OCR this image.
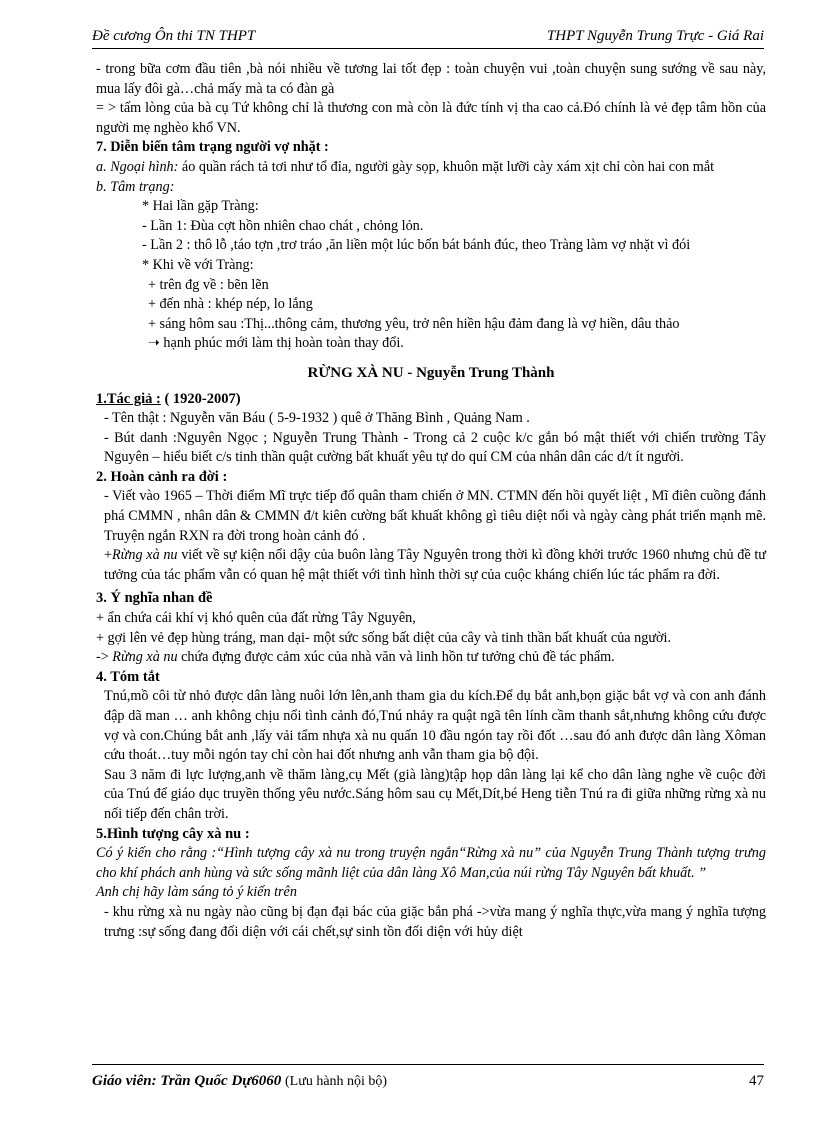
Đề cương Ôn thi TN THPT	THPT Nguyễn Trung Trực - Giá Rai

- trong bữa cơm đầu tiên ,bà nói nhiều về tương lai tốt đẹp : toàn chuyện vui ,toàn chuyện sung sướng về sau này, mua lấy đôi gà…chả mấy mà ta có đàn gà

= > tấm lòng của bà cụ Tứ không chỉ là thương con mà còn là đức tính vị tha cao cả.Đó chính là vẻ đẹp tâm hồn của người mẹ nghèo khổ VN.

7. Diễn biến tâm trạng người vợ nhặt :

a. Ngoại hình: áo quần rách tả tơi như tổ đỉa, người gày sọp, khuôn mặt lưỡi cày xám xịt chỉ còn hai con mắt

b. Tâm trạng:

* Hai lần gặp Tràng:

- Lần 1: Đùa cợt hồn nhiên chao chát , chỏng lỏn.

- Lần 2 : thô lỗ ,táo tợn ,trơ tráo ,ăn liền một lúc bốn bát bánh đúc, theo Tràng làm vợ nhặt vì đói

* Khi về với Tràng:

+ trên đg về : bẽn lẽn

+ đến nhà : khép nép, lo lắng

+ sáng hôm sau :Thị...thông cảm, thương yêu, trở nên hiền hậu đảm đang là vợ hiền, dâu thảo

➝ hạnh phúc mới làm thị hoàn toàn thay đổi.

RỪNG XÀ NU - Nguyễn Trung Thành

1.Tác giả : ( 1920-2007)

- Tên thật : Nguyễn văn Báu ( 5-9-1932 ) quê ở Thăng Bình , Quảng Nam .

- Bút danh :Nguyên Ngọc ; Nguyễn Trung Thành - Trong cả 2 cuộc k/c gắn bó mật thiết với chiến trường Tây Nguyên – hiểu biết c/s tinh thần quật cường bất khuất yêu tự do quí CM của nhân dân các d/t ít người.

2. Hoàn cảnh ra đời :

- Viết vào 1965 – Thời điểm Mĩ trực tiếp đổ quân tham chiến ở MN. CTMN đến hồi quyết liệt , Mĩ điên cuồng đánh phá CMMN , nhân dân & CMMN đ/t kiên cường bất khuất không gì tiêu diệt nổi và ngày càng phát triển mạnh mẽ. Truyện ngắn RXN ra đời trong hoàn cảnh đó .

+Rừng xà nu viết về sự kiện nổi dậy của buôn làng Tây Nguyên trong thời kì đồng khởi trước 1960 nhưng chủ đề tư tưởng của tác phẩm vẫn có quan hệ mật thiết với tình hình thời sự của cuộc kháng chiến lúc tác phẩm ra đời.

3. Ý nghĩa nhan đề

+ ẩn chứa cái khí vị khó quên của đất rừng Tây Nguyên,

+ gợi lên vẻ đẹp hùng tráng, man dại- một sức sống bất diệt của cây và tinh thần bất khuất của người.

-> Rừng xà nu chứa đựng được cảm xúc của nhà văn và linh hồn tư tưởng chủ đề tác phẩm.

4. Tóm tắt

Tnú,mồ côi từ nhỏ được dân làng nuôi lớn lên,anh tham gia du kích.Để dụ bắt anh,bọn giặc bắt vợ và con anh đánh đập dã man … anh không chịu nổi tình cảnh đó,Tnú nhảy ra quật ngã tên lính cầm thanh sắt,nhưng không cứu được vợ và con.Chúng bắt anh ,lấy vải tẩm nhựa xà nu quấn 10 đầu ngón tay rồi đốt …sau đó anh được dân làng Xôman cứu thoát…tuy mỗi ngón tay chỉ còn hai đốt nhưng anh vẫn tham gia bộ đội.

Sau 3 năm đi lực lượng,anh về thăm làng,cụ Mết (già làng)tập họp dân làng lại kể cho dân làng nghe về cuộc đời của Tnú để giáo dục truyền thống yêu nước.Sáng hôm sau cụ Mết,Dít,bé Heng tiễn Tnú ra đi giữa những rừng xà nu nối tiếp đến chân trời.

5.Hình tượng cây xà nu :

Có ý kiến cho rằng :“Hình tượng cây xà nu trong truyện ngắn“Rừng xà nu” của Nguyễn Trung Thành tượng trưng cho khí phách anh hùng và sức sống mãnh liệt của dân làng Xô Man,của núi rừng Tây Nguyên bất khuất. ”

Anh chị hãy làm sáng tỏ ý kiến trên

- khu rừng xà nu ngày nào cũng bị đạn đại bác của giặc bắn phá ->vừa mang ý nghĩa thực,vừa mang ý nghĩa tượng trưng :sự sống đang đối diện với cái chết,sự sinh tồn đối diện với hủy diệt

Giáo viên: Trần Quốc Dự6060 (Lưu hành nội bộ)	47
